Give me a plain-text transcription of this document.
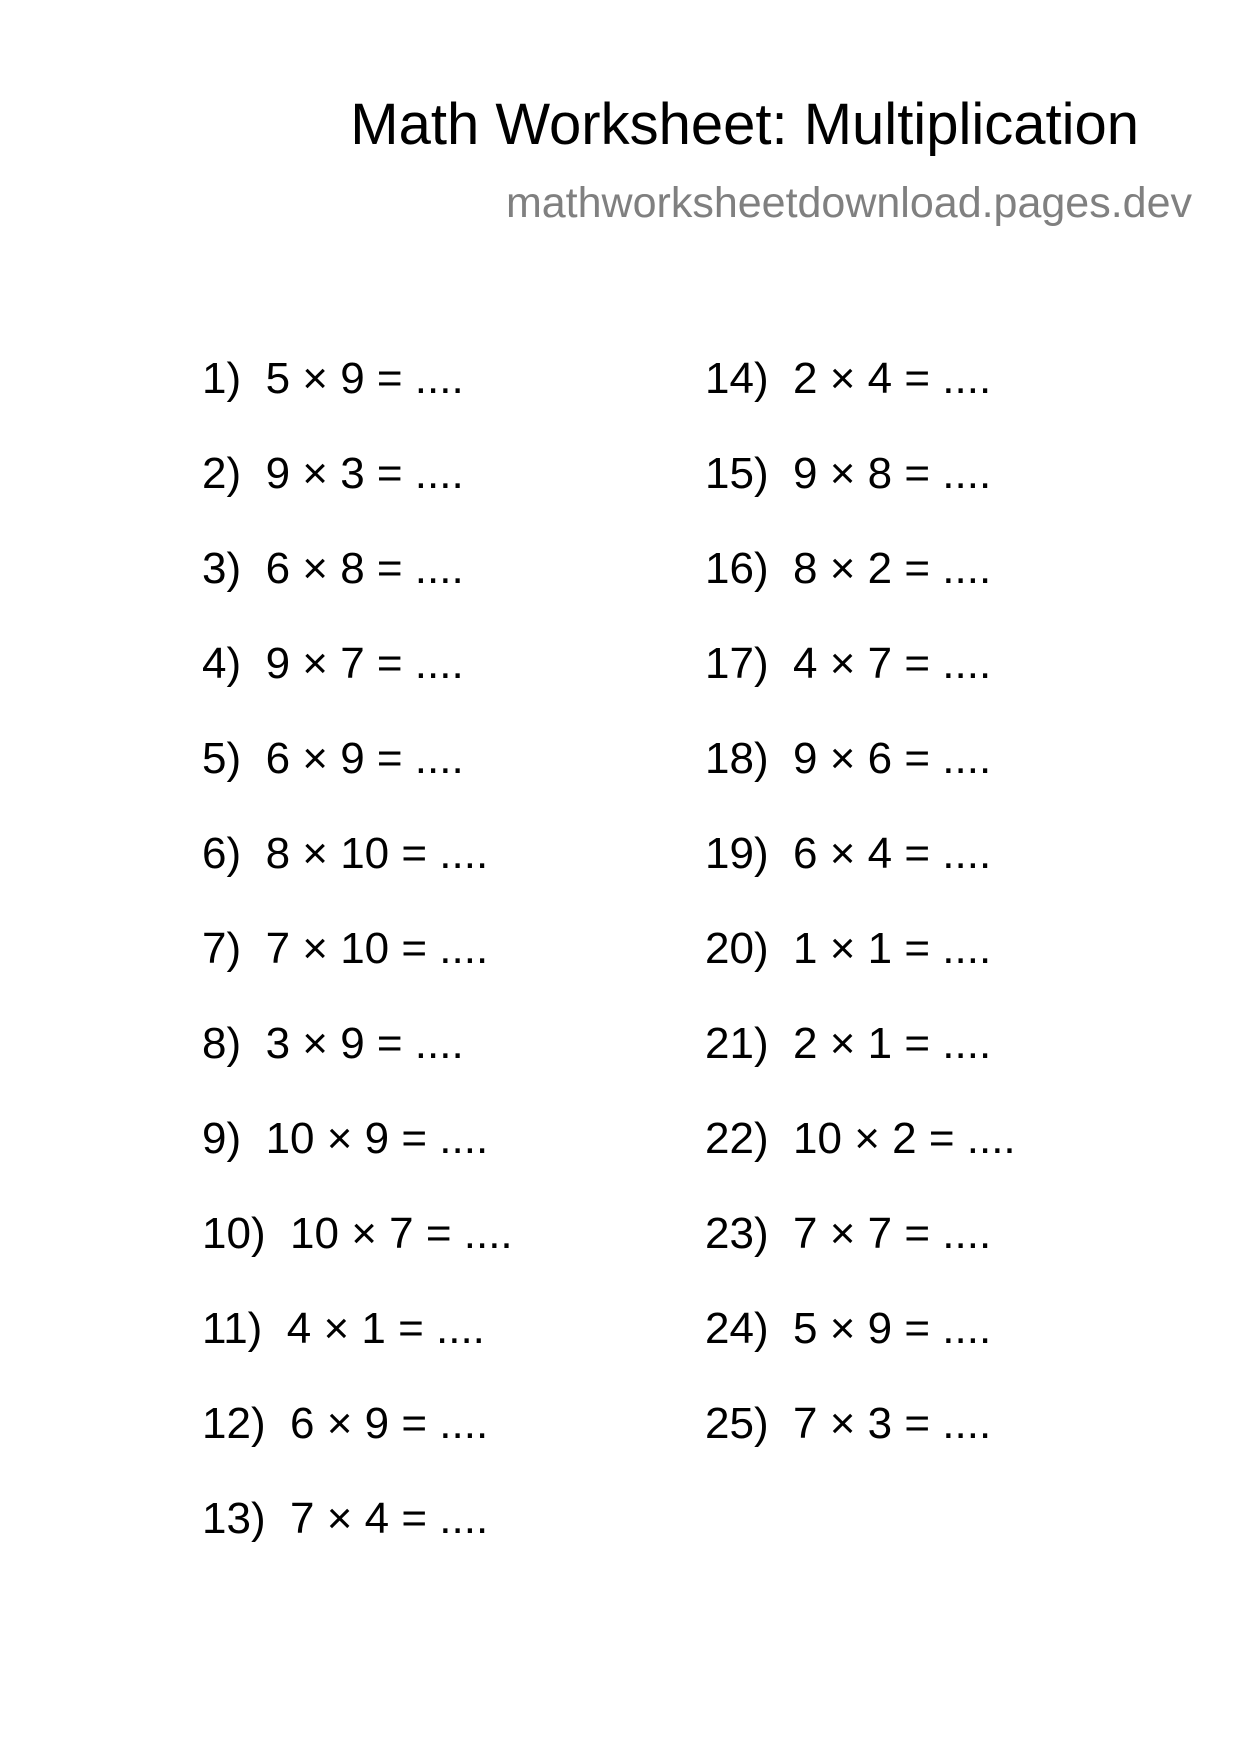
Math Worksheet: Multiplication
mathworksheetdownload.pages.dev
1)  5 × 9 = ....
2)  9 × 3 = ....
3)  6 × 8 = ....
4)  9 × 7 = ....
5)  6 × 9 = ....
6)  8 × 10 = ....
7)  7 × 10 = ....
8)  3 × 9 = ....
9)  10 × 9 = ....
10)  10 × 7 = ....
11)  4 × 1 = ....
12)  6 × 9 = ....
13)  7 × 4 = ....
14)  2 × 4 = ....
15)  9 × 8 = ....
16)  8 × 2 = ....
17)  4 × 7 = ....
18)  9 × 6 = ....
19)  6 × 4 = ....
20)  1 × 1 = ....
21)  2 × 1 = ....
22)  10 × 2 = ....
23)  7 × 7 = ....
24)  5 × 9 = ....
25)  7 × 3 = ....
